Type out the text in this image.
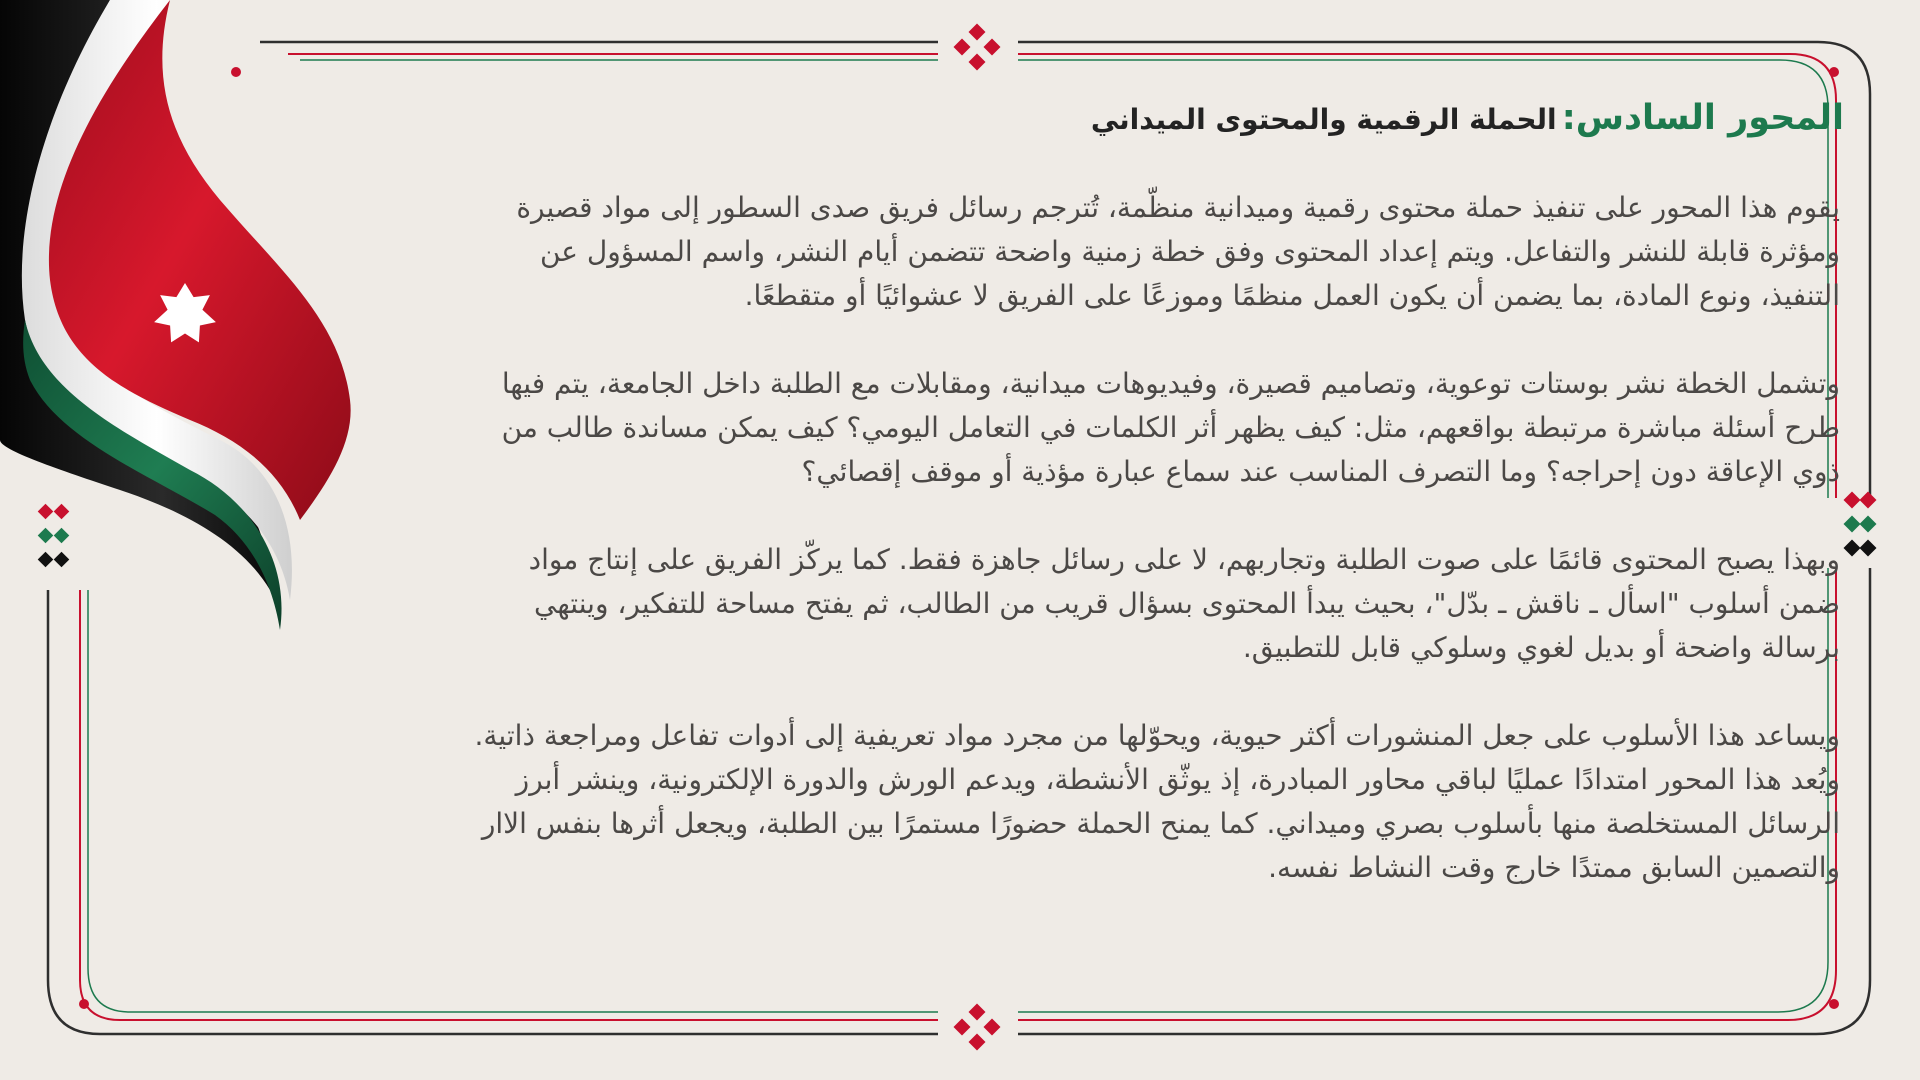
المحور السادس: الحملة الرقمية والمحتوى الميداني

يقوم هذا المحور على تنفيذ حملة محتوى رقمية وميدانية منظّمة، تُترجم رسائل فريق صدى السطور إلى مواد قصيرة ومؤثرة قابلة للنشر والتفاعل. ويتم إعداد المحتوى وفق خطة زمنية واضحة تتضمن أيام النشر، واسم المسؤول عن التنفيذ، ونوع المادة، بما يضمن أن يكون العمل منظمًا وموزعًا على الفريق لا عشوائيًا أو متقطعًا.

وتشمل الخطة نشر بوستات توعوية، وتصاميم قصيرة، وفيديوهات ميدانية، ومقابلات مع الطلبة داخل الجامعة، يتم فيها طرح أسئلة مباشرة مرتبطة بواقعهم، مثل: كيف يظهر أثر الكلمات في التعامل اليومي؟ كيف يمكن مساندة طالب من ذوي الإعاقة دون إحراجه؟ وما التصرف المناسب عند سماع عبارة مؤذية أو موقف إقصائي؟

وبهذا يصبح المحتوى قائمًا على صوت الطلبة وتجاربهم، لا على رسائل جاهزة فقط. كما يركّز الفريق على إنتاج مواد ضمن أسلوب "اسأل ـ ناقش ـ بدّل"، بحيث يبدأ المحتوى بسؤال قريب من الطالب، ثم يفتح مساحة للتفكير، وينتهي برسالة واضحة أو بديل لغوي وسلوكي قابل للتطبيق.

ويساعد هذا الأسلوب على جعل المنشورات أكثر حيوية، ويحوّلها من مجرد مواد تعريفية إلى أدوات تفاعل ومراجعة ذاتية. ويُعد هذا المحور امتدادًا عمليًا لباقي محاور المبادرة، إذ يوثّق الأنشطة، ويدعم الورش والدورة الإلكترونية، وينشر أبرز الرسائل المستخلصة منها بأسلوب بصري وميداني. كما يمنح الحملة حضورًا مستمرًا بين الطلبة، ويجعل أثرها بنفس الاار والتصمين السابق ممتدًا خارج وقت النشاط نفسه.
